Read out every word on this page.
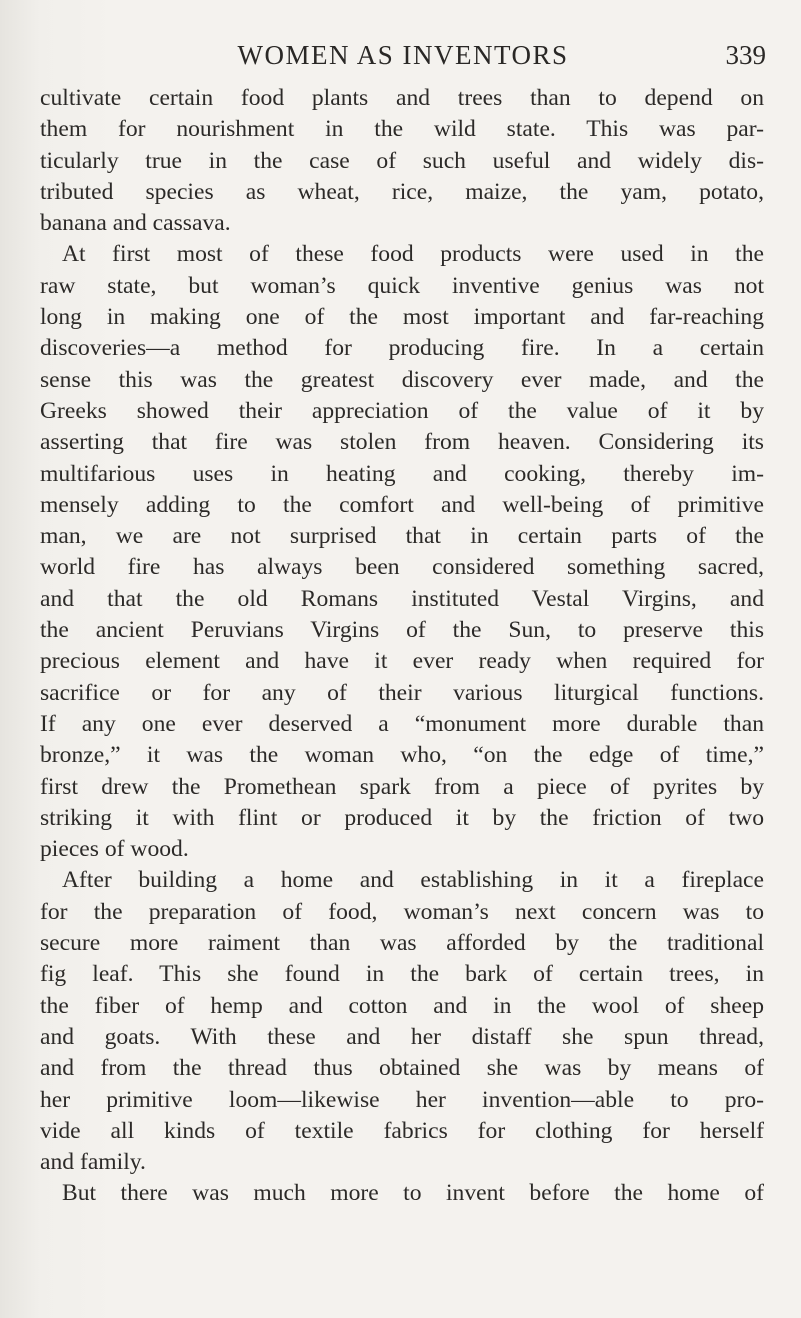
WOMEN AS INVENTORS	339
cultivate certain food plants and trees than to depend on
them for nourishment in the wild state. This was par-
ticularly true in the case of such useful and widely dis-
tributed species as wheat, rice, maize, the yam, potato,
banana and cassava.
At first most of these food products were used in the
raw state, but woman’s quick inventive genius was not
long in making one of the most important and far-reaching
discoveries—a method for producing fire. In a certain
sense this was the greatest discovery ever made, and the
Greeks showed their appreciation of the value of it by
asserting that fire was stolen from heaven. Considering its
multifarious uses in heating and cooking, thereby im-
mensely adding to the comfort and well-being of primitive
man, we are not surprised that in certain parts of the
world fire has always been considered something sacred,
and that the old Romans instituted Vestal Virgins, and
the ancient Peruvians Virgins of the Sun, to preserve this
precious element and have it ever ready when required for
sacrifice or for any of their various liturgical functions.
If any one ever deserved a “monument more durable than
bronze,” it was the woman who, “on the edge of time,”
first drew the Promethean spark from a piece of pyrites by
striking it with flint or produced it by the friction of two
pieces of wood.
After building a home and establishing in it a fireplace
for the preparation of food, woman’s next concern was to
secure more raiment than was afforded by the traditional
fig leaf. This she found in the bark of certain trees, in
the fiber of hemp and cotton and in the wool of sheep
and goats. With these and her distaff she spun thread,
and from the thread thus obtained she was by means of
her primitive loom—likewise her invention—able to pro-
vide all kinds of textile fabrics for clothing for herself
and family.
But there was much more to invent before the home of
